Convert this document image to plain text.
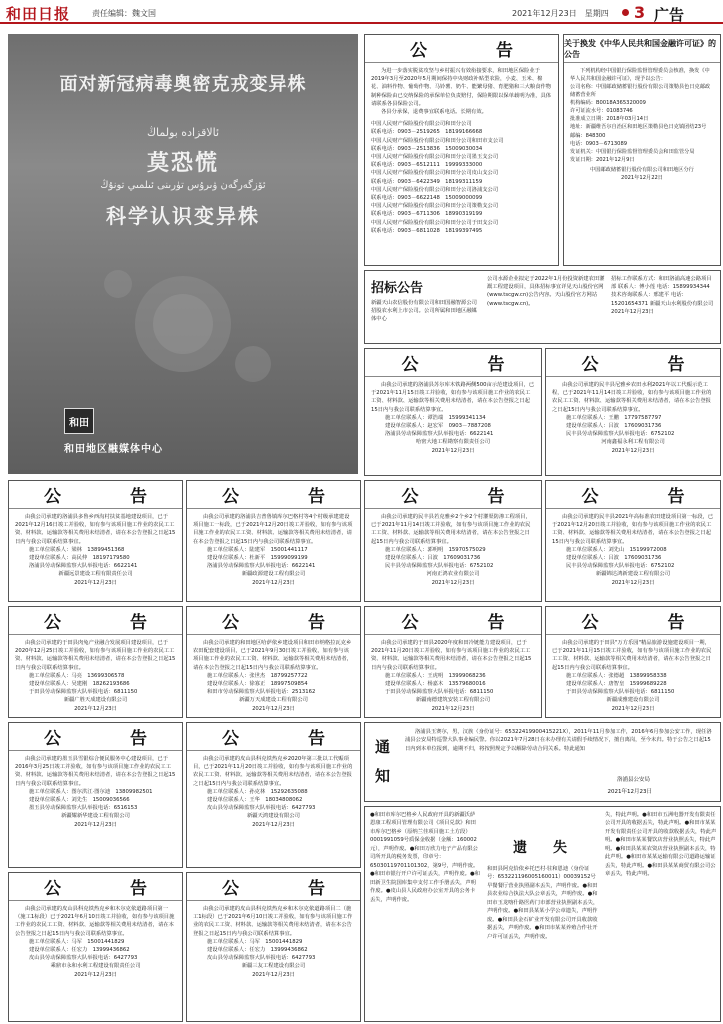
和田日报	责任编辑：魏文国	2021年12月23日　星期四 3 广告
面对新冠病毒奥密克戎变异株
ئالاقزادە بولماڭ
莫恐慌
ئۆزگەرگەن ۋىرۇس تۈرىنى ئىلمىي تونۇڭ
科学认识变异株
和田
和田地区融媒体中心
公　告

为进一步落实脱贫攻坚与乡村振兴有效衔接要求，和田地区保险业于2019年3月至2020年5月期间保持中央财政补贴型农险，小麦、玉米、棉花、油料作物、葡萄作物、马铃薯、奶牛、能繁母猪、育肥猪和三大粮食作物制种保险由已交纳保险的承保单位负责赔付，保险期限以保单载明为准，具体请联系各县保险公司。

各县分承保，退费事宜联系电话。长期有效。

中国人民财产保险股份有限公司和田分公司
联系电话：0903－2519265　18199166668
中国人民财产保险股份有限公司和田分公司和田市支公司
联系电话：0903－2513836　15009030034
中国人民财产保险股份有限公司和田分公司墨玉支公司
联系电话：0903－6512111　19999333000
中国人民财产保险股份有限公司和田分公司皮山支公司
联系电话：0903－6422349　18199311159
中国人民财产保险股份有限公司和田分公司洛浦支公司
联系电话：0903－6622148　15009000099
中国人民财产保险股份有限公司和田分公司策勒支公司
联系电话：0903－6711306　18990319199
中国人民财产保险股份有限公司和田分公司于田支公司
联系电话：0903－6811028　18199397495
关于换发《中华人民共和国金融许可证》的公告

下列机构经中国银行保险监督管理委员会核准，换发《中华人民共和国金融许可证》，现予以公告：

公司名称：中国邮政储蓄银行股份有限公司策勒县色日克邮政储蓄营业所
机构编码：B0018A365320009
许可证流水号：01083746
批准成立日期：2018年03月14日
地址：新疆维吾尔自治区和田地区策勒县色日克镇团结23号
邮编：848300
电话：0903－6713089
发证机关：中国银行保险监督管理委员会和田监管分局
发证日期：2021年12月9日
中国邮政储蓄银行股份有限公司和田地区分行
2021年12月22日
招标公告
新疆天山农信股份有限公司和田国融智源公司招股农水利上市公司。公司所属和田地区融媒体中心
公司水源企业拟定于2022年1月份投资新建农田灌溉工程建设项目，具体招标事宜详见天山股份官网(www.tscgw.cn)公告内容。天山股份官方网站(www.tscgw.cn)。
招标工作联系方式：和田洛浦高速公路项目部 联系人：傅小莲 电话：15899934344 技术咨询联系人：邢建平 电话：15201654371 新疆天山水利股份有限公司 2021年12月23日
公　告

由我公司承建的洛浦县苏尔库木铁路两侧500亩示范建设项目，已于2021年11月15日竣工并验收，如有参与该项目施工作业的农民工工资、材料款、运输款等相关费用未结清者，请在本公告登报之日起15日内与我公司联系结算事宜。

施工单位联系人：谭浩端　15999341134
建设单位联系人：赵宏军　0903－7887208
洛浦县劳动保障监察大队举报电话：6622141
哈密大地工程勘察有限责任公司
2021年12月23日
公　告

由我公司承建的民丰县尼雅乡农田水利2021年以工代赈示范工程，已于2021年11月14日竣工并验收，如有参与该项目施工作业的农民工工资、材料款、运输款等相关费用未结清者，请在本公告登报之日起15日内与我公司联系结算事宜。

施工单位联系人：王鹏　17797587797
建设单位联系人：吕波　17609031736
民丰县劳动保障监察大队举报电话：6752102
河南鑫福永利工程有限公司
2021年12月23日
公　告

由我公司承建的洛浦县多鲁乡西沟村扶贫基地建设项目，已于2021年12月16日竣工并验收，如有参与该项目施工作业的农民工工资、材料款、运输款等相关费用未结清者，请在本公告登报之日起15日内与我公司联系结算事宜。

施工单位联系人：梁林　13899451368
建设单位联系人：高民仲　18197179580
洛浦县劳动保障监察大队举报电话：6622141
新疆远景建设工程有限责任公司
2021年12月23日
公　告

由我公司承建的洛浦县吉普鲁镇库尔巴格村等4个村级承建建设项目施工一标段，已于2021年12月20日竣工并验收，如有参与该项目施工作业的农民工工资、材料款、运输款等相关费用未结清者，请在本公告登报之日起15日内与我公司联系结算事宜。

施工单位联系人：陆建军　15001441117
建设单位联系人：杜新平　15999099199
洛浦县劳动保障监察大队举报电话：6622141
新疆政源建设工程有限公司
2021年12月23日
公　告

由我公司承建的民丰县若克雅乡2个乡2个村灌渠防渗工程项目，已于2021年11月14日竣工并验收，如有参与该项目施工作业的农民工工资、材料款、运输款等相关费用未结清者，请在本公告登报之日起15日内与我公司联系结算事宜。

施工单位联系人：郭明明　15970575029
建设单位联系人：吕波　17609031736
民丰县劳动保障监察大队举报电话：6752102
河南正鸿农业有限公司
2021年12月23日
公　告

由我公司承建的民丰县2021年高标准农田建设项目第一标段，已于2021年12月20日竣工并验收，如有参与该项目施工作业的农民工工资、材料款、运输款等相关费用未结清者，请在本公告登报之日起15日内与我公司联系结算事宜。

施工单位联系人：刘先山　15199972008
建设单位联系人：吕波　17609031736
民丰县劳动保障监察大队举报电话：6752102
新疆锦达鸿新建设工程有限公司
2021年12月23日
公　告

由我公司承建的于田县肉兔产业融合发展项目建设项目，已于2020年12月25日竣工并验收，如有参与该项目施工作业的农民工工资、材料款、运输款等相关费用未结清者，请在本公告登报之日起15日内与我公司联系结算事宜。

施工单位联系人：马亮　13699306578
建设单位联系人：吴建刚　18262193686
于田县劳动保障监察大队举报电话：6811150
新疆广胜天成建设有限公司
2021年12月23日
公　告

由我公司承建的和田地区哈萨依乡建设项目和田市纳格拉瓦克乡农田配套建设项目，已于2021年9月30日竣工并验收，如有参与该项目施工作业的农民工工资、材料款、运输款等相关费用未结清者，请在本公告登报之日起15日内与我公司联系结算事宜。

施工单位联系人：张世杰　18799257722
建设单位联系人：徐寡正　18997509854
和田市劳动保障监察大队举报电话：2513162
新疆万天成建设工程有限公司
2021年12月23日
公　告

由我公司承建的于田县2020年度和田冷链能力建设项目，已于2021年11月20日竣工并验收，如有参与该项目施工作业的农民工工资、材料款、运输款等相关费用未结清者，请在本公告登报之日起15日内与我公司联系结算事宜。

施工单位联系人：王虎明　13999068236
建设单位联系人：杨嘉木　13579680016
于田县劳动保障监察大队举报电话：6811150
新疆南德建筑安装工程有限公司
2021年12月23日
公　告

由我公司承建的于田县"万方乐园"精品旅游设施建设项目一期，已于2021年11月15日竣工并验收，如有参与该项目施工作业的农民工工资、材料款、运输款等相关费用未结清者，请在本公告登报之日起15日内与我公司联系结算事宜。

施工单位联系人：张德超　13899958338
建设单位联系人：唐智皇　15999689228
于田县劳动保障监察大队举报电话：6811150
新疆成雅建设有限公司
2021年12月23日
公　告

由我公司承建的墨玉县雪银综合便民服务中心建设项目，已于2016年3月25日竣工并验收，如有参与该项目施工作业的农民工工资、材料款、运输款等相关费用未结清者，请在本公告登报之日起15日内与我公司联系结算事宜。

施工单位联系人：图尔洪江·图尔迪　13809982501
建设单位联系人：刘先生　15009036566
墨玉县劳动保障监察大队举报电话：6516153
新疆耀新华建设工程有限公司
2021年12月23日
公　告

由我公司承建的皮山县科克铁热克乡2020年第三批以工代赈项目，已于2021年11月20日竣工并验收，如有参与该项目施工作业的农民工工资、材料款、运输款等相关费用未结清者，请在本公告登报之日起15日内与我公司联系结算事宜。

施工单位联系人：孙克林　15292635088
建设单位联系人：王华　18034808062
皮山县劳动保障监察大队举报电话：6427793
新疆天鸿建设有限公司
2021年12月23日
通知
洛浦县玉赛尔，男，汉族（身份证号：65322419900415221X），2011年11月参加工作，2016年6月参加公安工作，现任洛浦县公安局特巡警大队事业编民警。你以2021年7月28日在未办理有关请假手续情况下，擅自离岗，至今未归。特于公告之日起15日内到本单位报到，逾期不归，将按照规定予以解除劳动合同关系。特此通知
洛浦县公安局
2021年12月23日
公　告

由我公司承建的皮山县科克铁热克乡和木尔克依道路项目第一（施工1标段）已于2021年6月10日竣工并验收，如有参与该项目施工作业的农民工工资、材料款、运输款等相关费用未结清者，请在本公告登报之日起15日内与我公司联系结算事宜。

施工单位联系人：马军　15001441829
建设单位联系人：任宏力　13999436862
皮山县劳动保障监察大队举报电话：6427793
乘鼎市永和水利工程建设有限责任公司
2021年12月23日
公　告

由我公司承建的皮山县科克铁热克乡和木尔克依道路项目二（施工1标段）已于2021年6月10日竣工并验收，如有参与该项目施工作业的农民工工资、材料款、运输款等相关费用未结清者，请在本公告登报之日起15日内与我公司联系结算事宜。

施工单位联系人：马军　15001441829
建设单位联系人：任宏力　13999436862
皮山县劳动保障监察大队举报电话：6427793
新疆三友工程建设有限公司
2021年12月23日
●和田市库尔巴格乡人民政府开具的新疆沃萨恩康工程项目管理有限公司《项目兑款》和田市库尔巴格乡（原纳兰佳项目施工土方段）0001991059号质保金收据（金额：160002元），声明作废。●和田万欣力电子产品有限公司所开具的税务发票，印章号：65030119701101302，第9号，声明作废。●和田市银行开户许可证丢失，声明作废。●和田新卫生院国库集中支付工作手册丢失，声明作废。●皮山县人民政府办公室开具的公务卡丢失，声明作废。
遗　失
和田县阿克恰依乡托巴村·驻和恩迪（身份证号：653221196005160011）00039152号早餐餐厅营业执照副本丢失，声明作废。●和田县农业综合执法大队公章丢失，声明作废。●和田市玉龙喀什路医药门市部营业执照副本丢失，声明作废。●和田县某某小学公章遗失，声明作废。●和田县金石矿业开发有限公司开具收款收据丢失，声明作废。●和田市某某养殖合作社开户许可证丢失，声明作废。
失，特此声明。●和田市五洲电器开发有限责任公司开具的收据丢失，特此声明。●和田市某某开发有限责任公司开具的收款收据丢失，特此声明。●和田市某某餐饮店营业执照丢失，特此声明。●和田县某某农资店营业执照副本丢失，特此声明。●和田市某某运输有限公司道路运输证丢失，特此声明。●和田县某某商贸有限公司公章丢失，特此声明。
